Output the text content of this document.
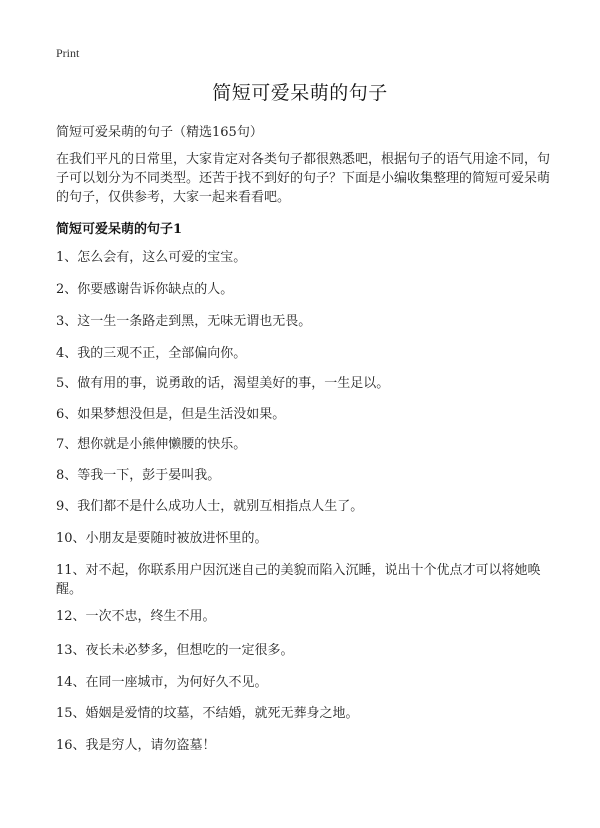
Print
简短可爱呆萌的句子
简短可爱呆萌的句子（精选165句）

在我们平凡的日常里，大家肯定对各类句子都很熟悉吧，根据句子的语气用途不同，句子可以划分为不同类型。还苦于找不到好的句子？下面是小编收集整理的简短可爱呆萌的句子，仅供参考，大家一起来看看吧。

简短可爱呆萌的句子1
1、怎么会有，这么可爱的宝宝。
2、你要感谢告诉你缺点的人。
3、这一生一条路走到黑，无味无谓也无畏。
4、我的三观不正，全部偏向你。
5、做有用的事，说勇敢的话，渴望美好的事，一生足以。
6、如果梦想没但是，但是生活没如果。
7、想你就是小熊伸懒腰的快乐。
8、等我一下，彭于晏叫我。
9、我们都不是什么成功人士，就别互相指点人生了。
10、小朋友是要随时被放进怀里的。
11、对不起，你联系用户因沉迷自己的美貌而陷入沉睡，说出十个优点才可以将她唤醒。
12、一次不忠，终生不用。
13、夜长未必梦多，但想吃的一定很多。
14、在同一座城市，为何好久不见。
15、婚姻是爱情的坟墓，不结婚，就死无葬身之地。
16、我是穷人，请勿盗墓！
